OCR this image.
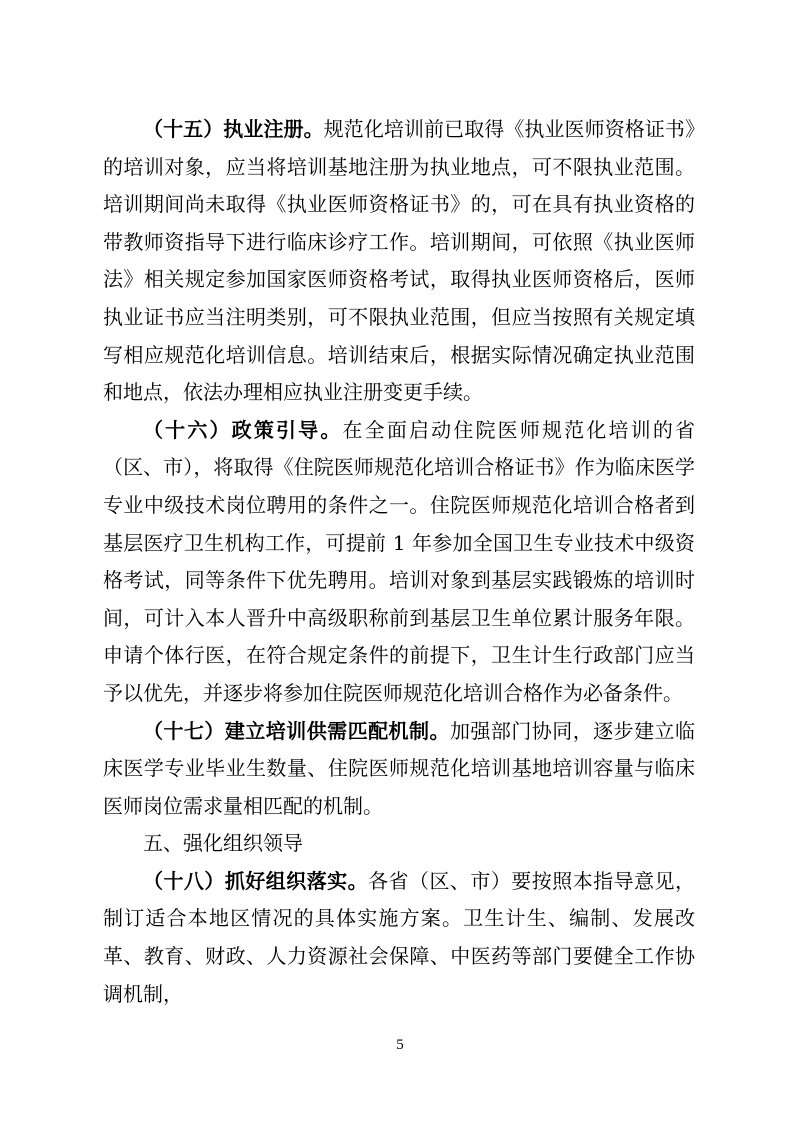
（十五）执业注册。规范化培训前已取得《执业医师资格证书》的培训对象，应当将培训基地注册为执业地点，可不限执业范围。培训期间尚未取得《执业医师资格证书》的，可在具有执业资格的带教师资指导下进行临床诊疗工作。培训期间，可依照《执业医师法》相关规定参加国家医师资格考试，取得执业医师资格后，医师执业证书应当注明类别，可不限执业范围，但应当按照有关规定填写相应规范化培训信息。培训结束后，根据实际情况确定执业范围和地点，依法办理相应执业注册变更手续。

（十六）政策引导。在全面启动住院医师规范化培训的省（区、市），将取得《住院医师规范化培训合格证书》作为临床医学专业中级技术岗位聘用的条件之一。住院医师规范化培训合格者到基层医疗卫生机构工作，可提前 1 年参加全国卫生专业技术中级资格考试，同等条件下优先聘用。培训对象到基层实践锻炼的培训时间，可计入本人晋升中高级职称前到基层卫生单位累计服务年限。申请个体行医，在符合规定条件的前提下，卫生计生行政部门应当予以优先，并逐步将参加住院医师规范化培训合格作为必备条件。

（十七）建立培训供需匹配机制。加强部门协同，逐步建立临床医学专业毕业生数量、住院医师规范化培训基地培训容量与临床医师岗位需求量相匹配的机制。

五、强化组织领导

（十八）抓好组织落实。各省（区、市）要按照本指导意见，制订适合本地区情况的具体实施方案。卫生计生、编制、发展改革、教育、财政、人力资源社会保障、中医药等部门要健全工作协调机制，

5
